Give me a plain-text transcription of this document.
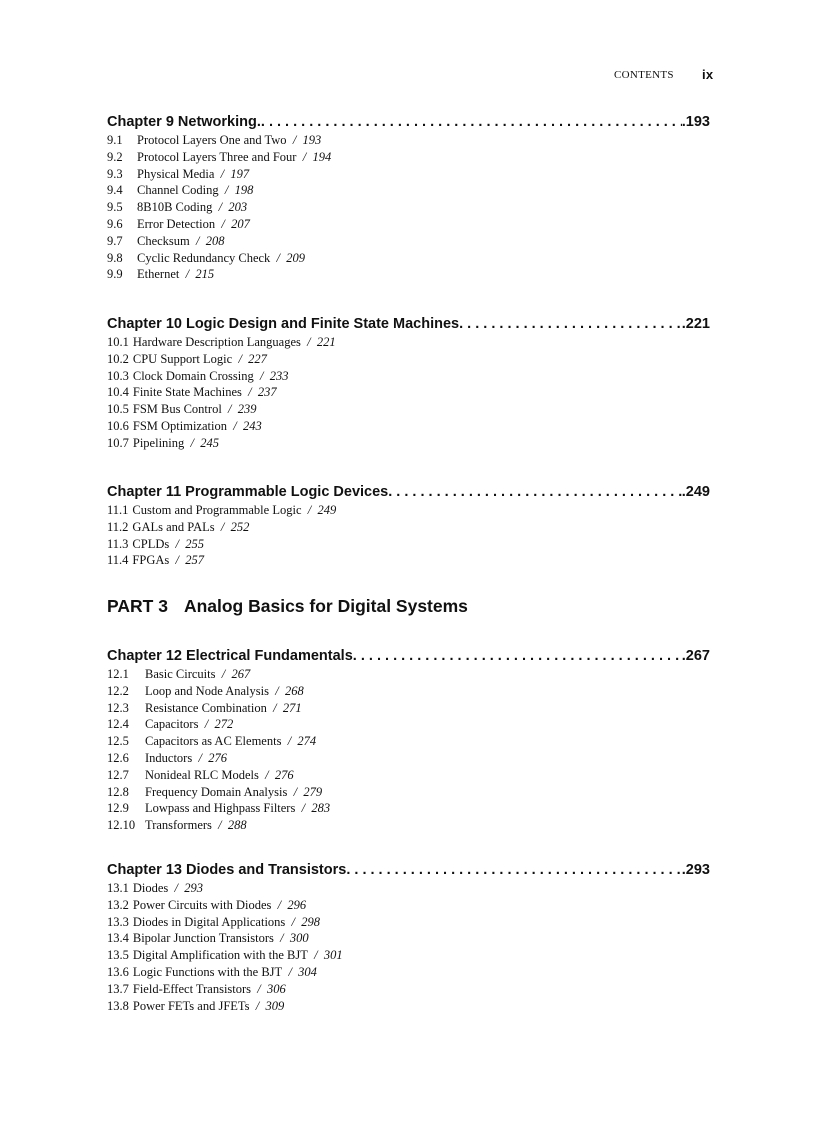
CONTENTS ix
Chapter 9 Networking. . . .	.193
9.1 Protocol Layers One and Two  /  193
9.2 Protocol Layers Three and Four  /  194
9.3 Physical Media  /  197
9.4 Channel Coding  /  198
9.5 8B10B Coding  /  203
9.6 Error Detection  /  207
9.7 Checksum  /  208
9.8 Cyclic Redundancy Check  /  209
9.9 Ethernet  /  215
Chapter 10 Logic Design and Finite State Machines . . .	.221
10.1 Hardware Description Languages  /  221
10.2 CPU Support Logic  /  227
10.3 Clock Domain Crossing  /  233
10.4 Finite State Machines  /  237
10.5 FSM Bus Control  /  239
10.6 FSM Optimization  /  243
10.7 Pipelining  /  245
Chapter 11 Programmable Logic Devices . . .	.249
11.1 Custom and Programmable Logic  /  249
11.2 GALs and PALs  /  252
11.3 CPLDs  /  255
11.4 FPGAs  /  257
PART 3 Analog Basics for Digital Systems
Chapter 12 Electrical Fundamentals . . .	.267
12.1 Basic Circuits  /  267
12.2 Loop and Node Analysis  /  268
12.3 Resistance Combination  /  271
12.4 Capacitors  /  272
12.5 Capacitors as AC Elements  /  274
12.6 Inductors  /  276
12.7 Nonideal RLC Models  /  276
12.8 Frequency Domain Analysis  /  279
12.9 Lowpass and Highpass Filters  /  283
12.10 Transformers  /  288
Chapter 13 Diodes and Transistors . . .	.293
13.1 Diodes  /  293
13.2 Power Circuits with Diodes  /  296
13.3 Diodes in Digital Applications  /  298
13.4 Bipolar Junction Transistors  /  300
13.5 Digital Amplification with the BJT  /  301
13.6 Logic Functions with the BJT  /  304
13.7 Field-Effect Transistors  /  306
13.8 Power FETs and JFETs  /  309
